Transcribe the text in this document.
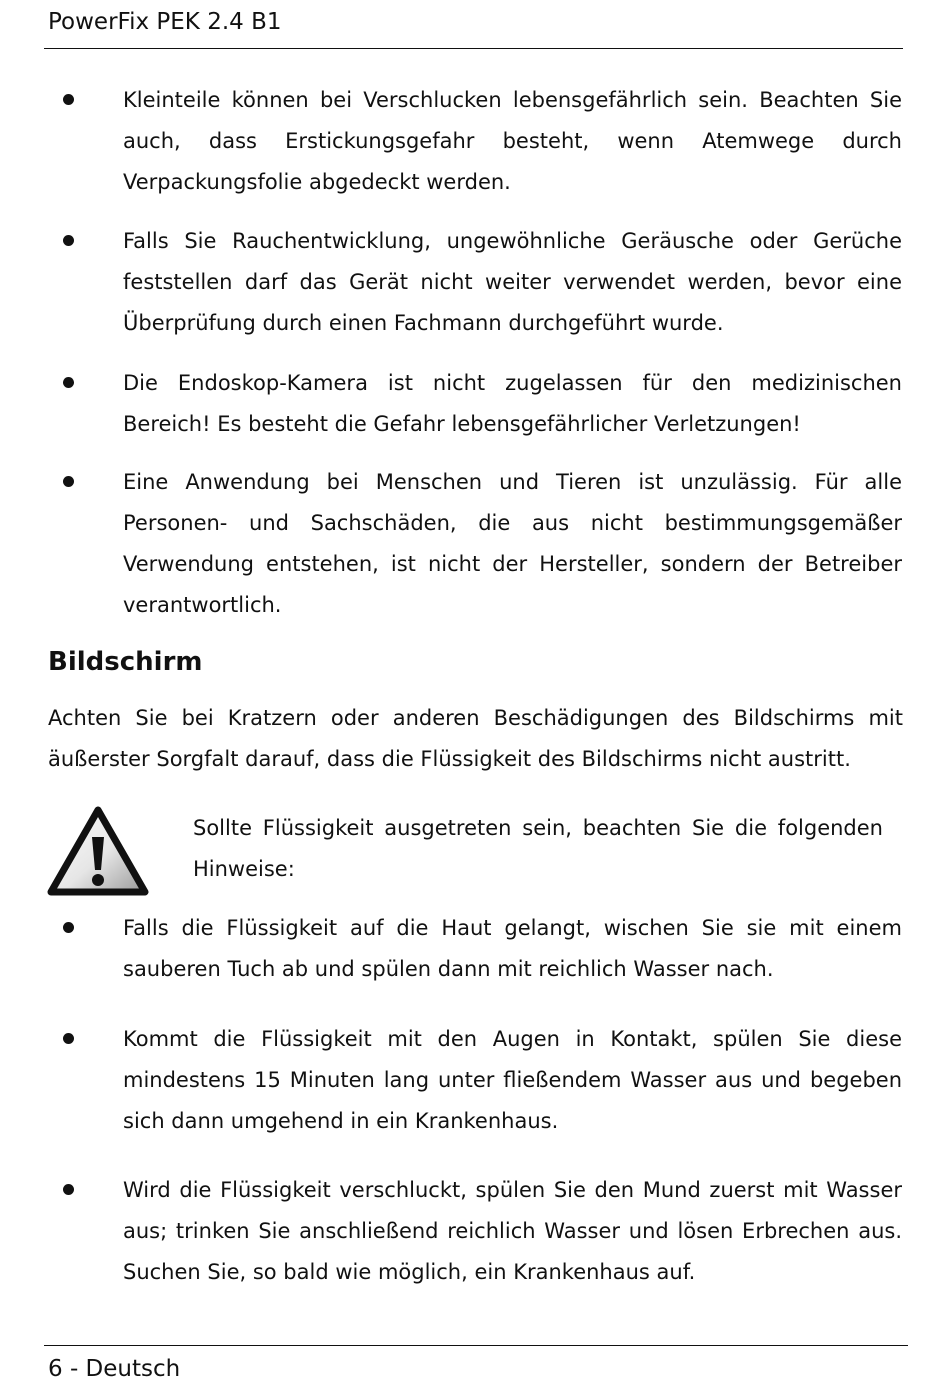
PowerFix PEK 2.4 B1
Kleinteile können bei Verschlucken lebensgefährlich sein. Beachten Sie auch, dass Erstickungsgefahr besteht, wenn Atemwege durch Verpackungsfolie abgedeckt werden.
Falls Sie Rauchentwicklung, ungewöhnliche Geräusche oder Gerüche feststellen darf das Gerät nicht weiter verwendet werden, bevor eine Überprüfung durch einen Fachmann durchgeführt wurde.
Die Endoskop-Kamera ist nicht zugelassen für den medizinischen Bereich! Es besteht die Gefahr lebensgefährlicher Verletzungen!
Eine Anwendung bei Menschen und Tieren ist unzulässig. Für alle Personen- und Sachschäden, die aus nicht bestimmungsgemäßer Verwendung entstehen, ist nicht der Hersteller, sondern der Betreiber verantwortlich.
Bildschirm
Achten Sie bei Kratzern oder anderen Beschädigungen des Bildschirms mit äußerster Sorgfalt darauf, dass die Flüssigkeit des Bildschirms nicht austritt.
Sollte Flüssigkeit ausgetreten sein, beachten Sie die folgenden Hinweise:
Falls die Flüssigkeit auf die Haut gelangt, wischen Sie sie mit einem sauberen Tuch ab und spülen dann mit reichlich Wasser nach.
Kommt die Flüssigkeit mit den Augen in Kontakt, spülen Sie diese mindestens 15 Minuten lang unter fließendem Wasser aus und begeben sich dann umgehend in ein Krankenhaus.
Wird die Flüssigkeit verschluckt, spülen Sie den Mund zuerst mit Wasser aus; trinken Sie anschließend reichlich Wasser und lösen Erbrechen aus. Suchen Sie, so bald wie möglich, ein Krankenhaus auf.
6 - Deutsch
